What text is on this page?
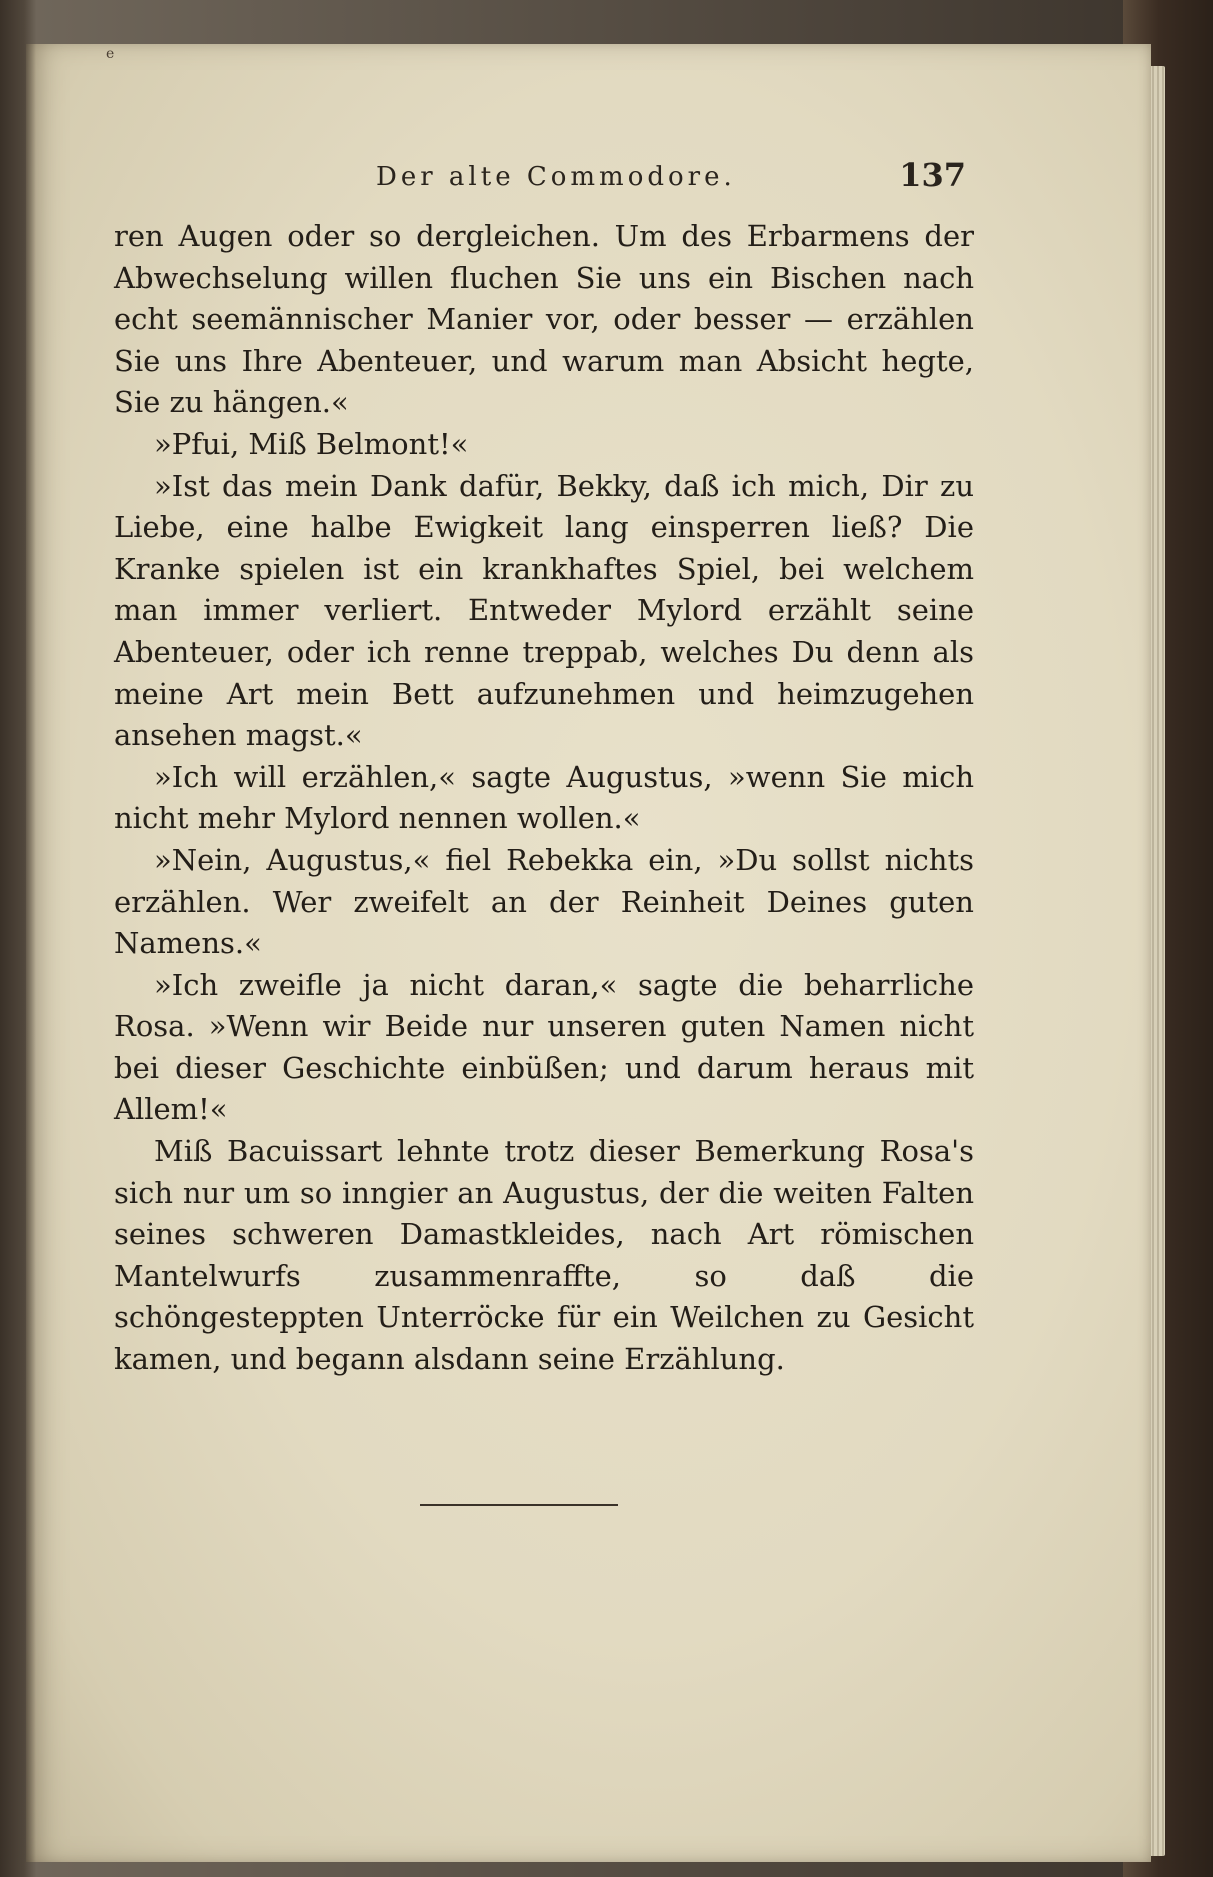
e
Der alte Commodore.	137

ren Augen oder so dergleichen. Um des Erbarmens der Abwechselung willen fluchen Sie uns ein Bischen nach echt seemännischer Manier vor, oder besser — erzählen Sie uns Ihre Abenteuer, und warum man Absicht hegte, Sie zu hängen.«

»Pfui, Miß Belmont!«

»Ist das mein Dank dafür, Bekky, daß ich mich, Dir zu Liebe, eine halbe Ewigkeit lang einsperren ließ? Die Kranke spielen ist ein krankhaftes Spiel, bei welchem man immer verliert. Entweder Mylord erzählt seine Abenteuer, oder ich renne treppab, welches Du denn als meine Art mein Bett aufzunehmen und heimzugehen ansehen magst.«

»Ich will erzählen,« sagte Augustus, »wenn Sie mich nicht mehr Mylord nennen wollen.«

»Nein, Augustus,« fiel Rebekka ein, »Du sollst nichts erzählen. Wer zweifelt an der Reinheit Deines guten Namens.«

»Ich zweifle ja nicht daran,« sagte die beharrliche Rosa. »Wenn wir Beide nur unseren guten Namen nicht bei dieser Geschichte einbüßen; und darum heraus mit Allem!«

Miß Bacuissart lehnte trotz dieser Bemerkung Rosa's sich nur um so inngier an Augustus, der die weiten Falten seines schweren Damastkleides, nach Art römischen Mantelwurfs zusammenraffte, so daß die schöngesteppten Unterröcke für ein Weilchen zu Gesicht kamen, und begann alsdann seine Erzählung.
